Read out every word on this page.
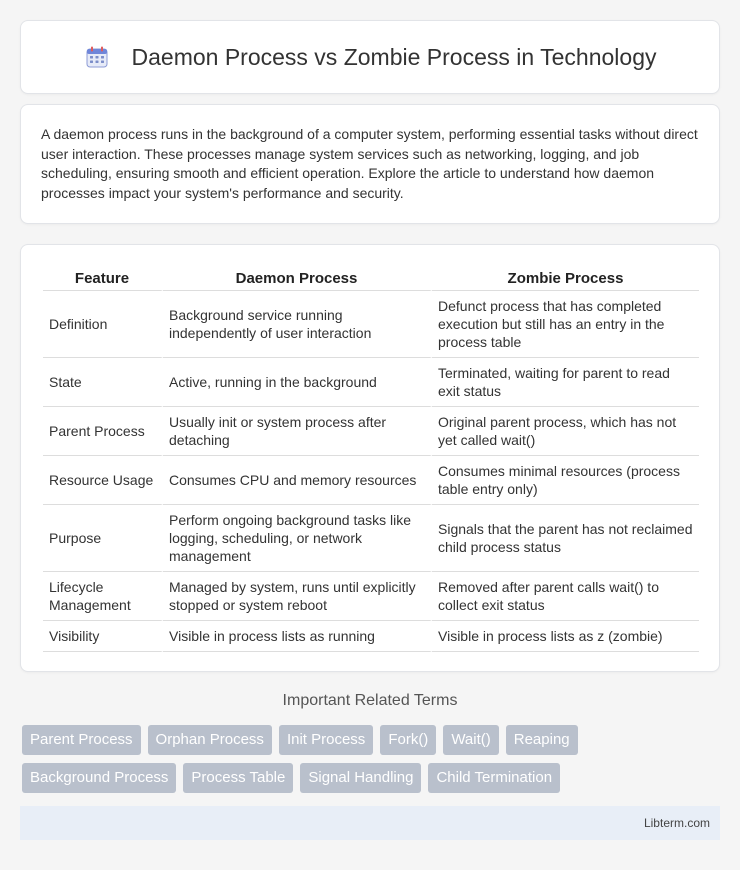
Daemon Process vs Zombie Process in Technology

A daemon process runs in the background of a computer system, performing essential tasks without direct user interaction. These processes manage system services such as networking, logging, and job scheduling, ensuring smooth and efficient operation. Explore the article to understand how daemon processes impact your system's performance and security.

Feature	Daemon Process	Zombie Process
Definition	Background service running independently of user interaction	Defunct process that has completed execution but still has an entry in the process table
State	Active, running in the background	Terminated, waiting for parent to read exit status
Parent Process	Usually init or system process after detaching	Original parent process, which has not yet called wait()
Resource Usage	Consumes CPU and memory resources	Consumes minimal resources (process table entry only)
Purpose	Perform ongoing background tasks like logging, scheduling, or network management	Signals that the parent has not reclaimed child process status
Lifecycle Management	Managed by system, runs until explicitly stopped or system reboot	Removed after parent calls wait() to collect exit status
Visibility	Visible in process lists as running	Visible in process lists as z (zombie)
Important Related Terms
Parent Process	Orphan Process	Init Process	Fork()	Wait()	Reaping
Background Process	Process Table	Signal Handling	Child Termination
Libterm.com
